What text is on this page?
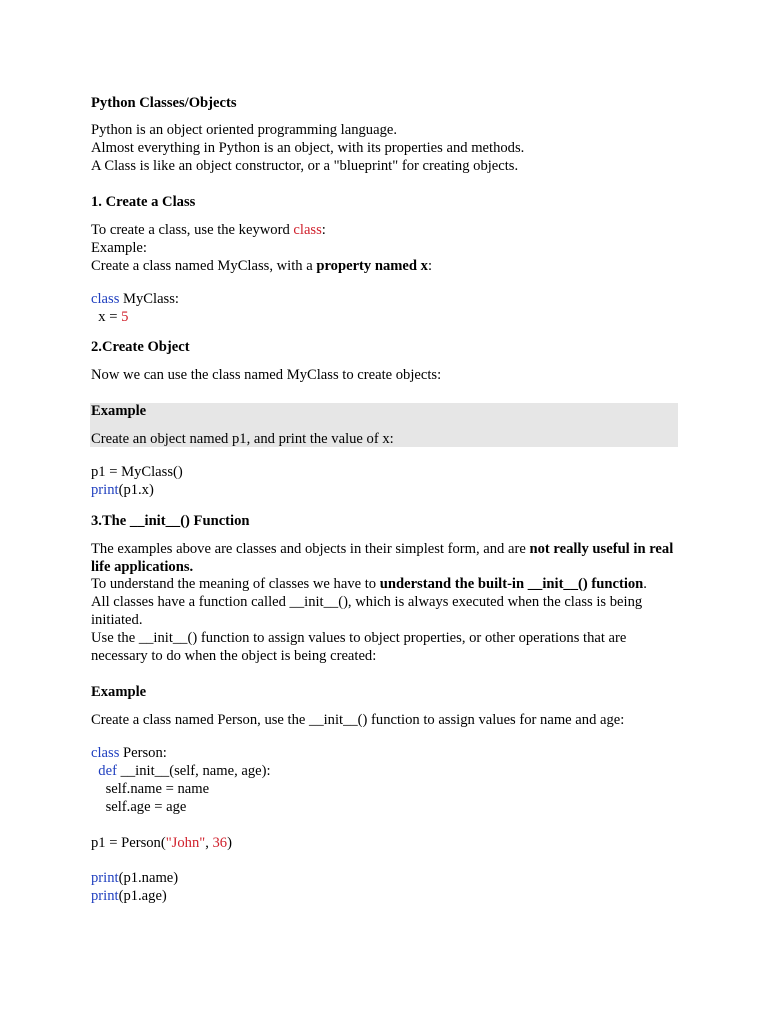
Python Classes/Objects
Python is an object oriented programming language.
Almost everything in Python is an object, with its properties and methods.
A Class is like an object constructor, or a "blueprint" for creating objects.
1. Create a Class
To create a class, use the keyword class:
Example:
Create a class named MyClass, with a property named x:
class MyClass:
x = 5
2.Create Object
Now we can use the class named MyClass to create objects:
Example
Create an object named p1, and print the value of x:
p1 = MyClass()
print(p1.x)
3.The __init__() Function
The examples above are classes and objects in their simplest form, and are not really useful in real life applications.
To understand the meaning of classes we have to understand the built-in __init__() function.
All classes have a function called __init__(), which is always executed when the class is being initiated.
Use the __init__() function to assign values to object properties, or other operations that are necessary to do when the object is being created:
Example
Create a class named Person, use the __init__() function to assign values for name and age:
class Person:
def __init__(self, name, age):
self.name = name
self.age = age
p1 = Person("John", 36)
print(p1.name)
print(p1.age)
